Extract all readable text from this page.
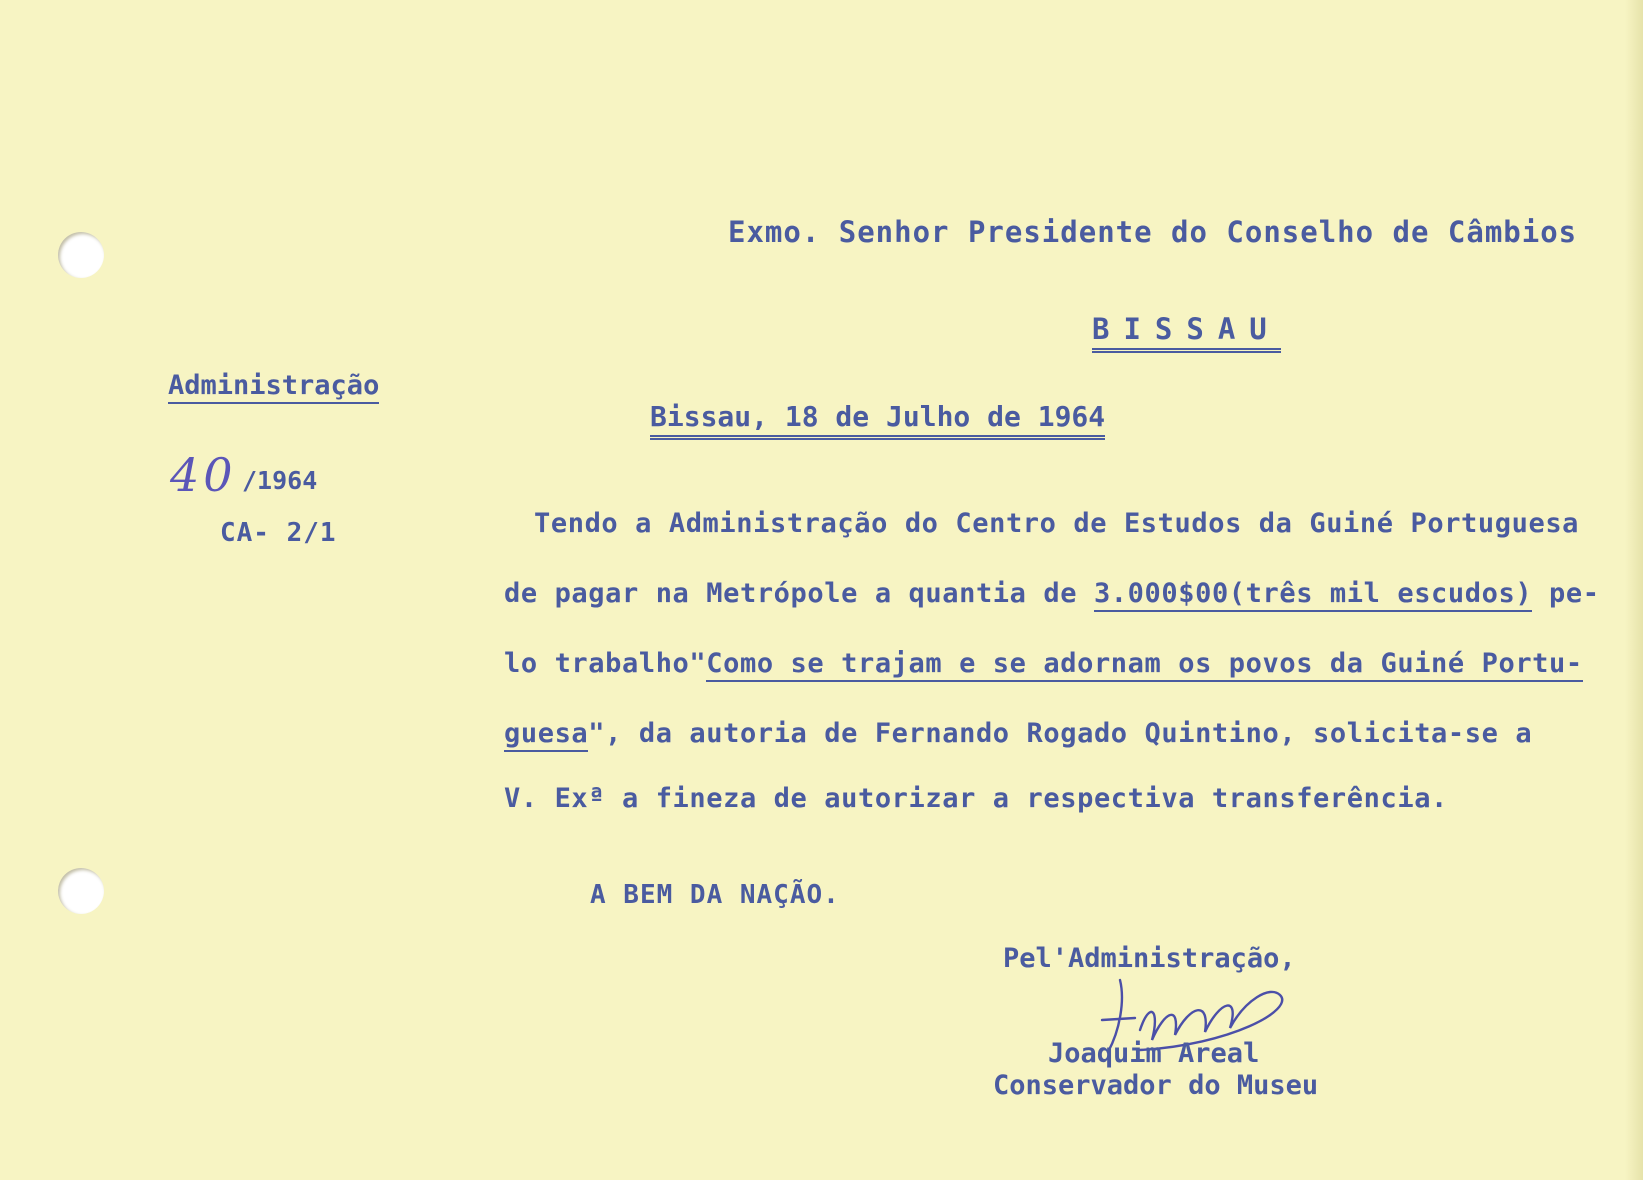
Exmo. Senhor Presidente do Conselho de Câmbios
BISSAU
Administração
40 /1964
CA- 2/1
Bissau, 18 de Julho de 1964
Tendo a Administração do Centro de Estudos da Guiné Portuguesa
de pagar na Metrópole a quantia de 3.000$00(três mil escudos) pe-
lo trabalho"Como se trajam e se adornam os povos da Guiné Portu-
guesa", da autoria de Fernando Rogado Quintino, solicita-se a
V. Exª a fineza de autorizar a respectiva transferência.
A BEM DA NAÇÃO.
Pel'Administração,
Joaquim Areal
Conservador do Museu
